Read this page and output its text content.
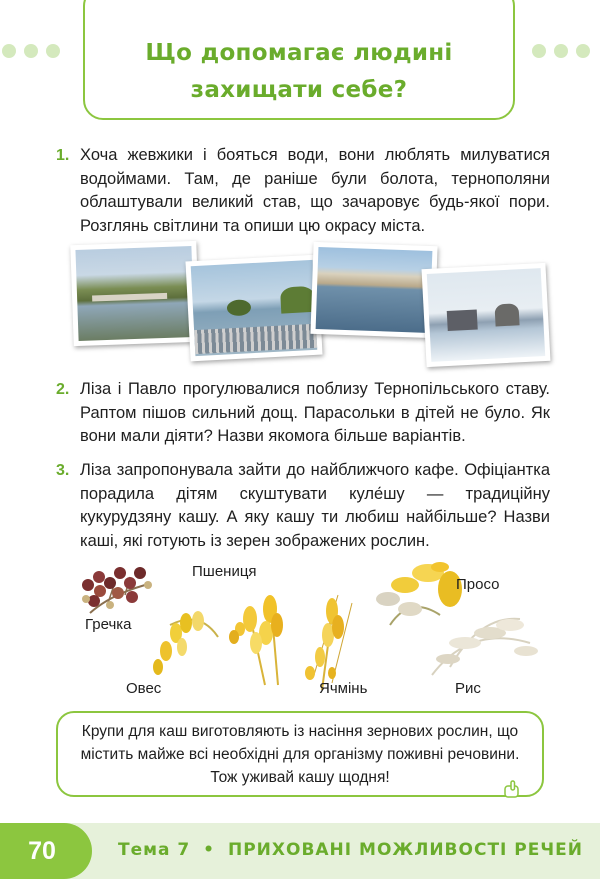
Що допомагає людині
захищати себе?
1. Хоча жевжики і бояться води, вони люблять милуватися водоймами. Там, де раніше були болота, тернополяни облаштували великий став, що зачаровує будь-якої пори. Розглянь світлини та опиши цю окрасу міста.
2. Ліза і Павло прогулювалися поблизу Тернопільського ставу. Раптом пішов сильний дощ. Парасольки в дітей не було. Як вони мали діяти? Назви якомога більше варіантів.
3. Ліза запропонувала зайти до найближчого кафе. Офіціантка порадила дітям скуштувати куле́шу — традиційну кукурудзяну кашу. А яку кашу ти любиш найбільше? Назви каші, які готують із зерен зображених рослин.
Гречка
Пшениця
Овес	Ячмінь
Просо
Рис
Крупи для каш виготовляють із насіння зернових рослин, що містить майже всі необхідні для організму поживні речовини. Тож уживай кашу щодня!
70	Тема 7 • ПРИХОВАНІ МОЖЛИВОСТІ РЕЧЕЙ
